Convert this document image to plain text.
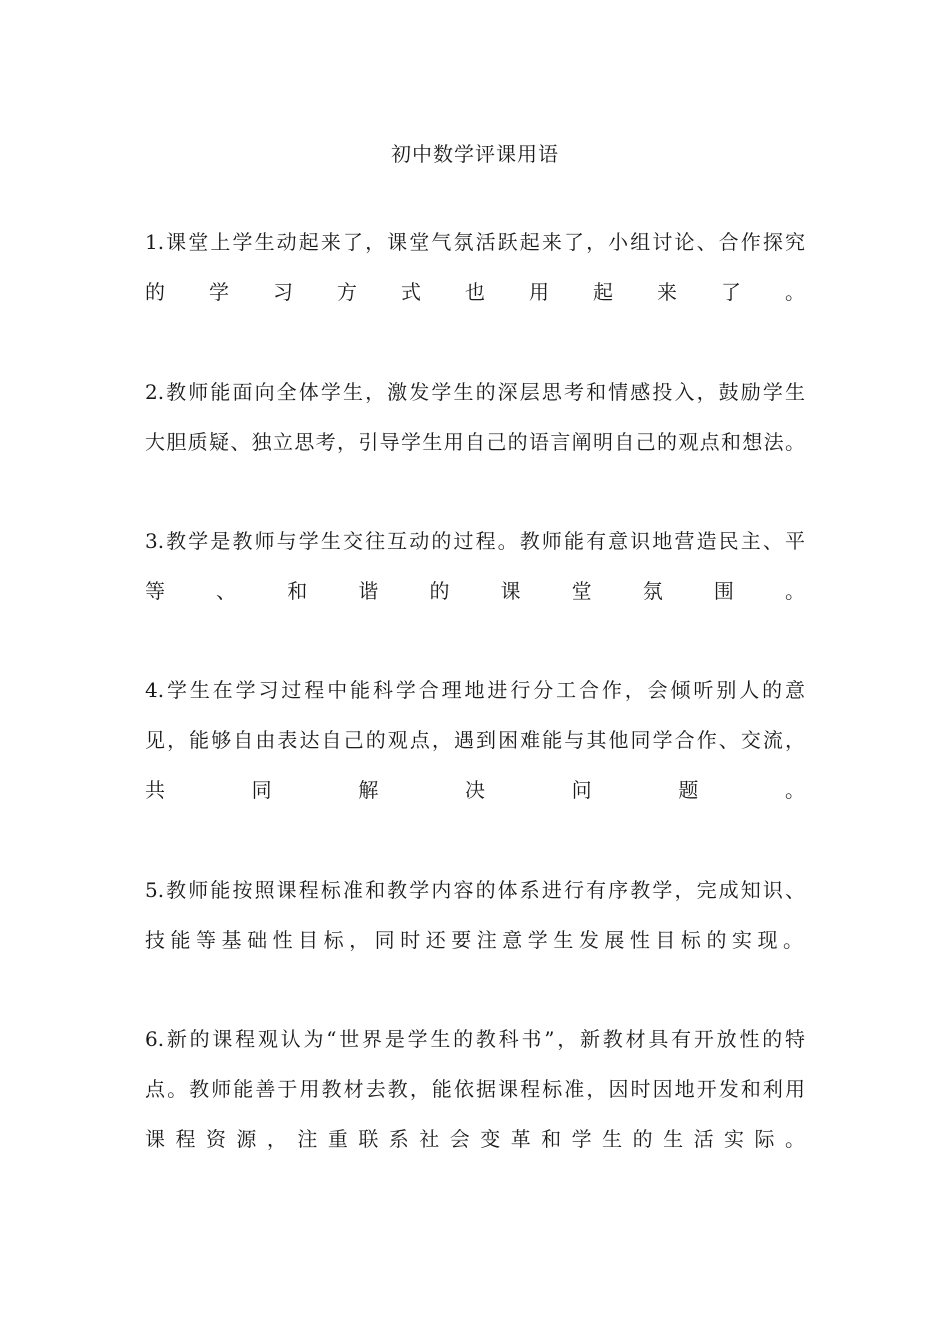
初中数学评课用语
1.课堂上学生动起来了，课堂气氛活跃起来了，小组讨论、合作探究
的 学 习 方 式 也 用 起 来 了 。
2.教师能面向全体学生，激发学生的深层思考和情感投入，鼓励学生
大胆质疑、独立思考，引导学生用自己的语言阐明自己的观点和想法。
3.教学是教师与学生交往互动的过程。教师能有意识地营造民主、平
等 、 和 谐 的 课 堂 氛 围 。
4.学生在学习过程中能科学合理地进行分工合作，会倾听别人的意
见，能够自由表达自己的观点，遇到困难能与其他同学合作、交流，
共 同 解 决 问 题 。
5.教师能按照课程标准和教学内容的体系进行有序教学，完成知识、
技能等基础性目标，同时还要注意学生发展性目标的实现。
6.新的课程观认为“世界是学生的教科书”，新教材具有开放性的特
点。教师能善于用教材去教，能依据课程标准，因时因地开发和利用
课 程 资 源 ， 注 重 联 系 社 会 变 革 和 学 生 的 生 活 实 际 。
